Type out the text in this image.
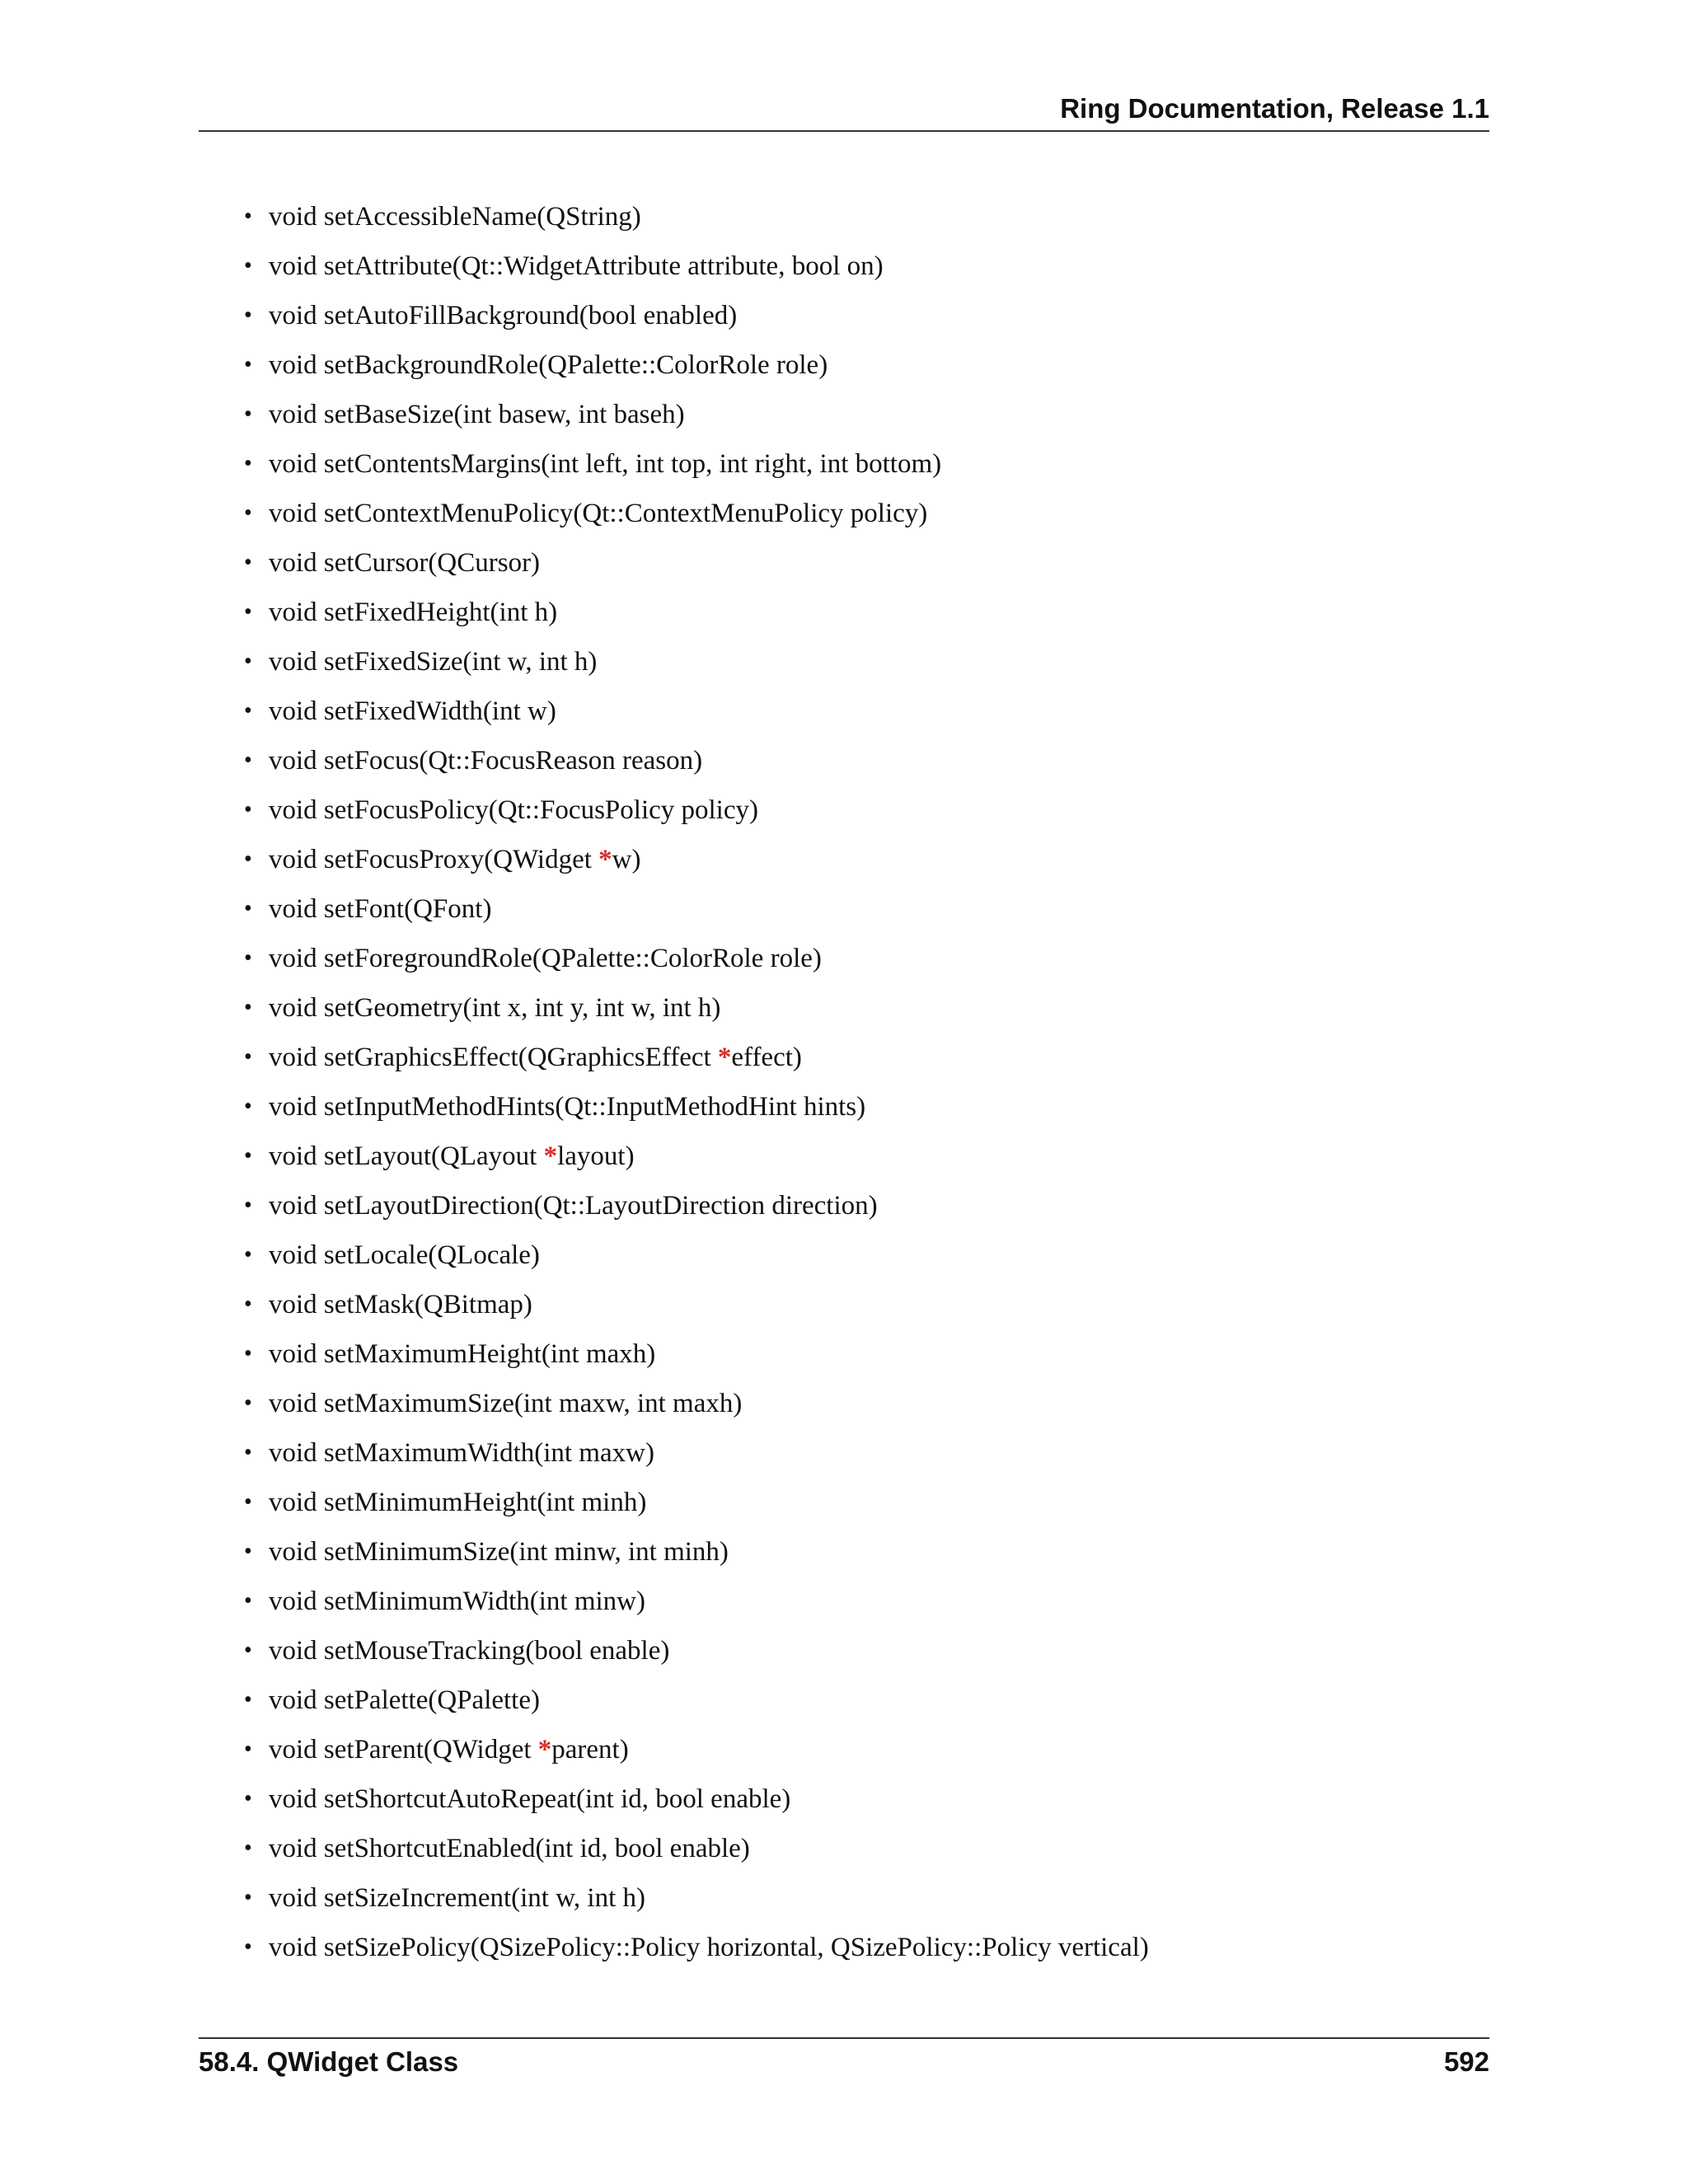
Ring Documentation, Release 1.1
• void setAccessibleName(QString)
• void setAttribute(Qt::WidgetAttribute attribute, bool on)
• void setAutoFillBackground(bool enabled)
• void setBackgroundRole(QPalette::ColorRole role)
• void setBaseSize(int basew, int baseh)
• void setContentsMargins(int left, int top, int right, int bottom)
• void setContextMenuPolicy(Qt::ContextMenuPolicy policy)
• void setCursor(QCursor)
• void setFixedHeight(int h)
• void setFixedSize(int w, int h)
• void setFixedWidth(int w)
• void setFocus(Qt::FocusReason reason)
• void setFocusPolicy(Qt::FocusPolicy policy)
• void setFocusProxy(QWidget *w)
• void setFont(QFont)
• void setForegroundRole(QPalette::ColorRole role)
• void setGeometry(int x, int y, int w, int h)
• void setGraphicsEffect(QGraphicsEffect *effect)
• void setInputMethodHints(Qt::InputMethodHint hints)
• void setLayout(QLayout *layout)
• void setLayoutDirection(Qt::LayoutDirection direction)
• void setLocale(QLocale)
• void setMask(QBitmap)
• void setMaximumHeight(int maxh)
• void setMaximumSize(int maxw, int maxh)
• void setMaximumWidth(int maxw)
• void setMinimumHeight(int minh)
• void setMinimumSize(int minw, int minh)
• void setMinimumWidth(int minw)
• void setMouseTracking(bool enable)
• void setPalette(QPalette)
• void setParent(QWidget *parent)
• void setShortcutAutoRepeat(int id, bool enable)
• void setShortcutEnabled(int id, bool enable)
• void setSizeIncrement(int w, int h)
• void setSizePolicy(QSizePolicy::Policy horizontal, QSizePolicy::Policy vertical)
58.4. QWidget Class	592
